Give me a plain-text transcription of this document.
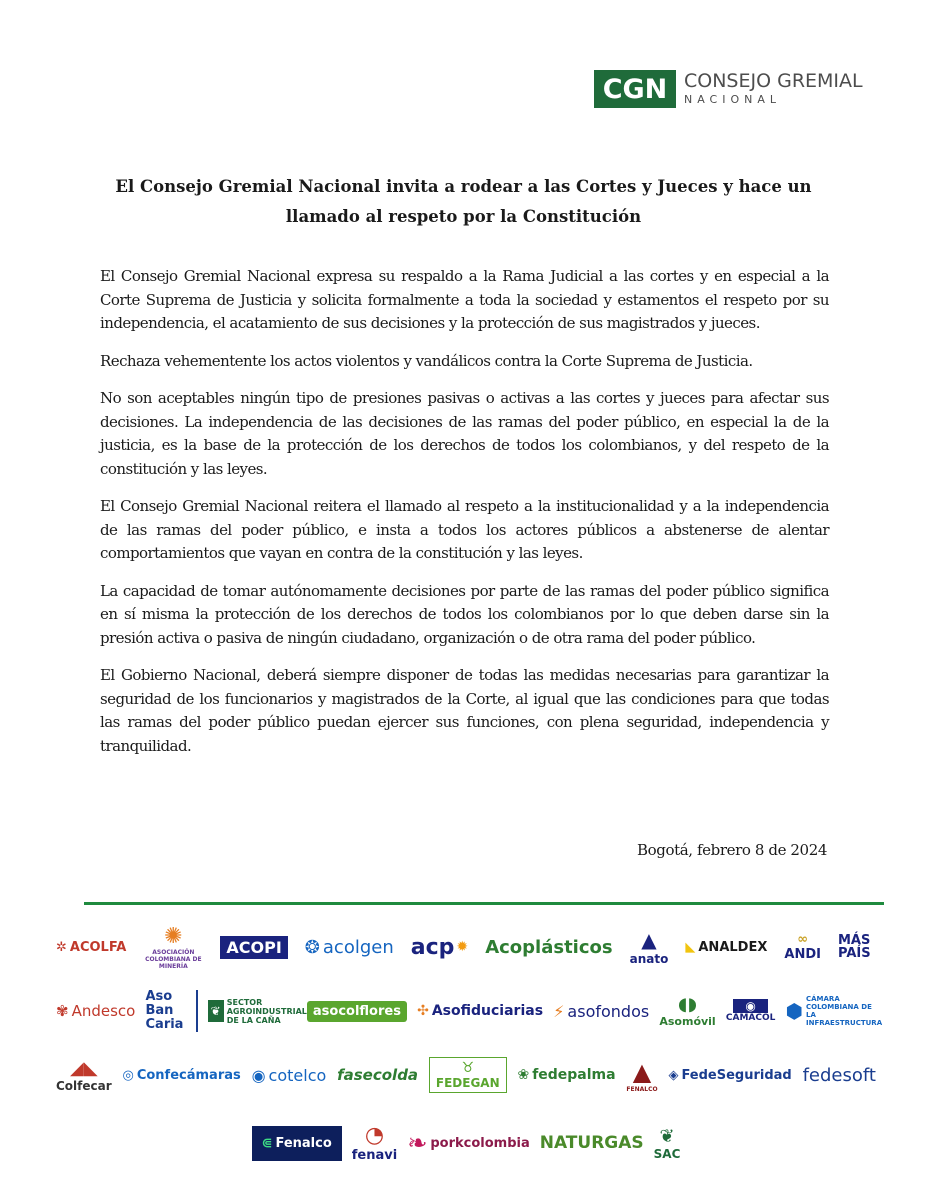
CGN CONSEJO GREMIAL
NACIONAL
El Consejo Gremial Nacional invita a rodear a las Cortes y Jueces y hace un llamado al respeto por la Constitución

El Consejo Gremial Nacional expresa su respaldo a la Rama Judicial a las cortes y en especial a la Corte Suprema de Justicia y solicita formalmente a toda la sociedad y estamentos el respeto por su independencia, el acatamiento de sus decisiones y la protección de sus magistrados y jueces.

Rechaza vehementente los actos violentos y vandálicos contra la Corte Suprema de Justicia.

No son aceptables ningún tipo de presiones pasivas o activas a las cortes y jueces para afectar sus decisiones. La independencia de las decisiones de las ramas del poder público, en especial la de la justicia, es la base de la protección de los derechos de todos los colombianos, y del respeto de la constitución y las leyes.

El Consejo Gremial Nacional reitera el llamado al respeto a la institucionalidad y a la independencia de las ramas del poder público, e insta a todos los actores públicos a abstenerse de alentar comportamientos que vayan en contra de la constitución y las leyes.

La capacidad de tomar autónomamente decisiones por parte de las ramas del poder público significa en sí misma la protección de los derechos de todos los colombianos por lo que deben darse sin la presión activa o pasiva de ningún ciudadano, organización o de otra rama del poder público.

El Gobierno Nacional, deberá siempre disponer de todas las medidas necesarias para garantizar la seguridad de los funcionarios y magistrados de la Corte, al igual que las condiciones para que todas las ramas del poder público puedan ejercer sus funciones, con plena seguridad, independencia y tranquilidad.

Bogotá, febrero 8 de 2024
✲ ACOLFA ✺
ASOCIACIÓN COLOMBIANA DE MINERÍA
ACOPI ❂ acolgen acp ✹ Acoplásticos ▲
anato
◣ ANALDEX ∞
ANDI
MÁS PAÍS
✾ Andesco
Aso Ban Caria
❦
SECTOR AGROINDUSTRIAL DE LA CAÑA
asocolflores ✣ Asofiduciarias ⚡ asofondos ◖◗
Asomóvil
◉
CAMACOL ⬢ CÁMARA COLOMBIANA DE LA INFRAESTRUCTURA
◢◣
Colfecar
◎ Confecámaras ◉ cotelco fasecolda	♉
FEDEGAN ❀ fedepalma ▲
FENALCO
◈ FedeSeguridad fedesoft
⋐ Fenalco ◔
fenavi ❧ porkcolombia NATURGAS ❦
SAC
